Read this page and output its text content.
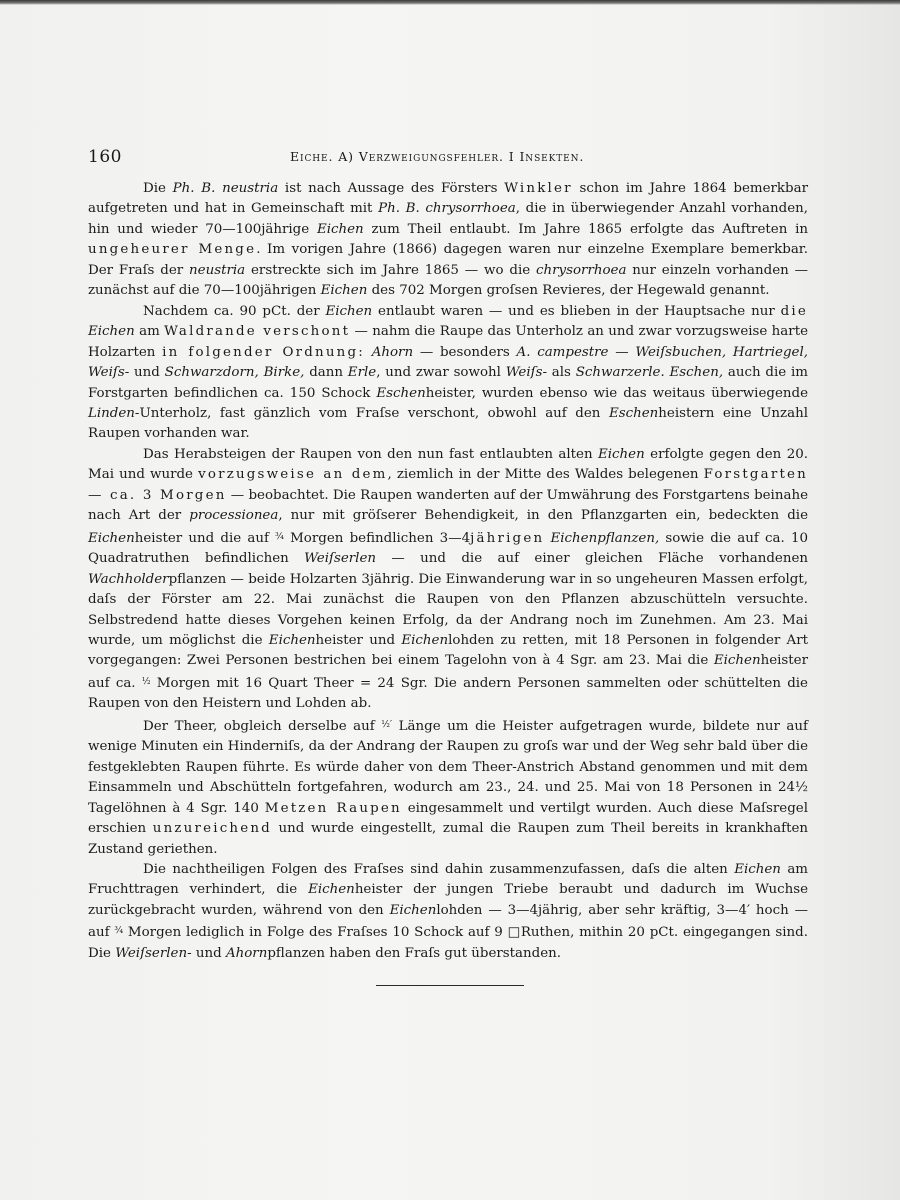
160	Eiche. A) Verzweigungsfehler. I Insekten.

Die Ph. B. neustria ist nach Aussage des Försters Winkler schon im Jahre 1864 bemerkbar aufgetreten und hat in Gemeinschaft mit Ph. B. chrysorrhoea, die in überwiegender Anzahl vorhanden, hin und wieder 70—100jährige Eichen zum Theil entlaubt. Im Jahre 1865 erfolgte das Auftreten in ungeheurer Menge. Im vorigen Jahre (1866) dagegen waren nur einzelne Exemplare bemerkbar. Der Fraſs der neustria erstreckte sich im Jahre 1865 — wo die chrysorrhoea nur einzeln vorhanden — zunächst auf die 70—100jährigen Eichen des 702 Morgen groſsen Revieres, der Hegewald genannt.

Nachdem ca. 90 pCt. der Eichen entlaubt waren — und es blieben in der Hauptsache nur die Eichen am Waldrande verschont — nahm die Raupe das Unterholz an und zwar vorzugsweise harte Holzarten in folgender Ordnung: Ahorn — besonders A. campestre — Weiſsbuchen, Hartriegel, Weiſs- und Schwarzdorn, Birke, dann Erle, und zwar sowohl Weiſs- als Schwarzerle. Eschen, auch die im Forstgarten befindlichen ca. 150 Schock Eschenheister, wurden ebenso wie das weitaus überwiegende Linden-Unterholz, fast gänzlich vom Fraſse verschont, obwohl auf den Eschenheistern eine Unzahl Raupen vorhanden war.

Das Herabsteigen der Raupen von den nun fast entlaubten alten Eichen erfolgte gegen den 20. Mai und wurde vorzugsweise an dem, ziemlich in der Mitte des Waldes belegenen Forstgarten — ca. 3 Morgen — beobachtet. Die Raupen wanderten auf der Umwährung des Forstgartens beinahe nach Art der processionea, nur mit gröſserer Behendigkeit, in den Pflanzgarten ein, bedeckten die Eichenheister und die auf $^{\frac{3}{4}}$ Morgen befindlichen 3—4jährigen Eichenpflanzen, sowie die auf ca. 10 Quadratruthen befindlichen Weiſserlen — und die auf einer gleichen Fläche vorhandenen Wachholderpflanzen — beide Holzarten 3jährig. Die Einwanderung war in so ungeheuren Massen erfolgt, daſs der Förster am 22. Mai zunächst die Raupen von den Pflanzen abzuschütteln versuchte. Selbstredend hatte dieses Vorgehen keinen Erfolg, da der Andrang noch im Zunehmen. Am 23. Mai wurde, um möglichst die Eichenheister und Eichenlohden zu retten, mit 18 Personen in folgender Art vorgegangen: Zwei Personen bestrichen bei einem Tagelohn von à 4 Sgr. am 23. Mai die Eichenheister auf ca. $^{\frac{1}{2}}$ Morgen mit 16 Quart Theer = 24 Sgr. Die andern Personen sammelten oder schüttelten die Raupen von den Heistern und Lohden ab.

Der Theer, obgleich derselbe auf $^{\frac{1}{2}'}$ Länge um die Heister aufgetragen wurde, bildete nur auf wenige Minuten ein Hinderniſs, da der Andrang der Raupen zu groſs war und der Weg sehr bald über die festgeklebten Raupen führte. Es würde daher von dem Theer-Anstrich Abstand genommen und mit dem Einsammeln und Abschütteln fortgefahren, wodurch am 23., 24. und 25. Mai von 18 Personen in 24½ Tagelöhnen à 4 Sgr. 140 Metzen Raupen eingesammelt und vertilgt wurden. Auch diese Maſsregel erschien unzureichend und wurde eingestellt, zumal die Raupen zum Theil bereits in krankhaften Zustand geriethen.

Die nachtheiligen Folgen des Fraſses sind dahin zusammenzufassen, daſs die alten Eichen am Fruchttragen verhindert, die Eichenheister der jungen Triebe beraubt und dadurch im Wuchse zurückgebracht wurden, während von den Eichenlohden — 3—4jährig, aber sehr kräftig, 3—4′ hoch — auf $^{\frac{3}{4}}$ Morgen lediglich in Folge des Fraſses 10 Schock auf 9 □Ruthen, mithin 20 pCt. eingegangen sind. Die Weiſserlen- und Ahornpflanzen haben den Fraſs gut überstanden.
